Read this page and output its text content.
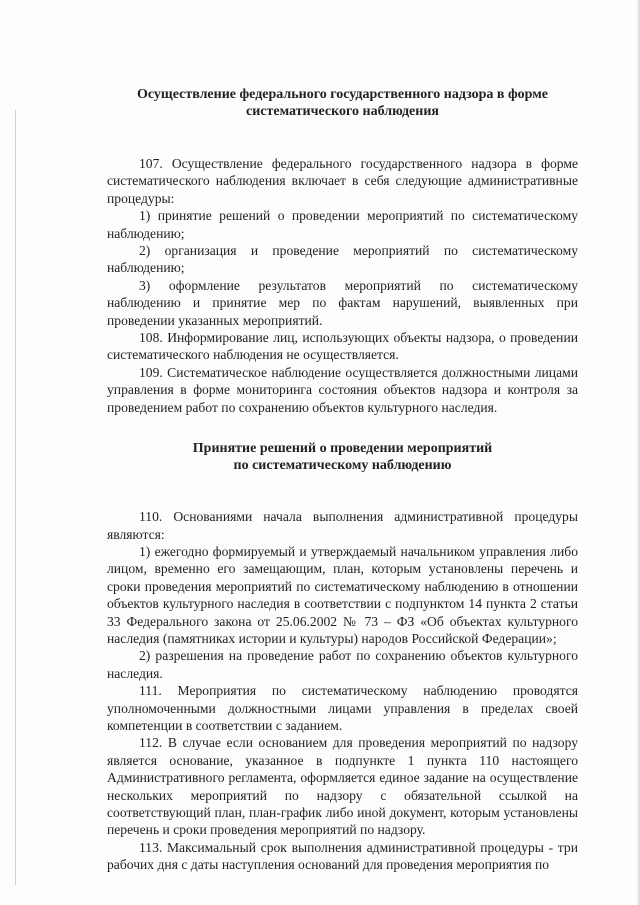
Осуществление федерального государственного надзора в форме
систематического наблюдения

107. Осуществление федерального государственного надзора в форме систематического наблюдения включает в себя следующие административные процедуры:

1) принятие решений о проведении мероприятий по систематическому наблюдению;

2) организация и проведение мероприятий по систематическому наблюдению;

3) оформление результатов мероприятий по систематическому наблюдению и принятие мер по фактам нарушений, выявленных при проведении указанных мероприятий.

108. Информирование лиц, использующих объекты надзора, о проведении систематического наблюдения не осуществляется.

109. Систематическое наблюдение осуществляется должностными лицами управления в форме мониторинга состояния объектов надзора и контроля за проведением работ по сохранению объектов культурного наследия.

Принятие решений о проведении мероприятий
по систематическому наблюдению

110. Основаниями начала выполнения административной процедуры являются:

1) ежегодно формируемый и утверждаемый начальником управления либо лицом, временно его замещающим, план, которым установлены перечень и сроки проведения мероприятий по систематическому наблюдению в отношении объектов культурного наследия в соответствии с подпунктом 14 пункта 2 статьи 33 Федерального закона от 25.06.2002 № 73 – ФЗ «Об объектах культурного наследия (памятниках истории и культуры) народов Российской Федерации»;

2) разрешения на проведение работ по сохранению объектов культурного наследия.

111. Мероприятия по систематическому наблюдению проводятся уполномоченными должностными лицами управления в пределах своей компетенции в соответствии с заданием.

112. В случае если основанием для проведения мероприятий по надзору является основание, указанное в подпункте 1 пункта 110 настоящего Административного регламента, оформляется единое задание на осуществление нескольких мероприятий по надзору с обязательной ссылкой на соответствующий план, план-график либо иной документ, которым установлены перечень и сроки проведения мероприятий по надзору.

113. Максимальный срок выполнения административной процедуры - три рабочих дня с даты наступления оснований для проведения мероприятия по
